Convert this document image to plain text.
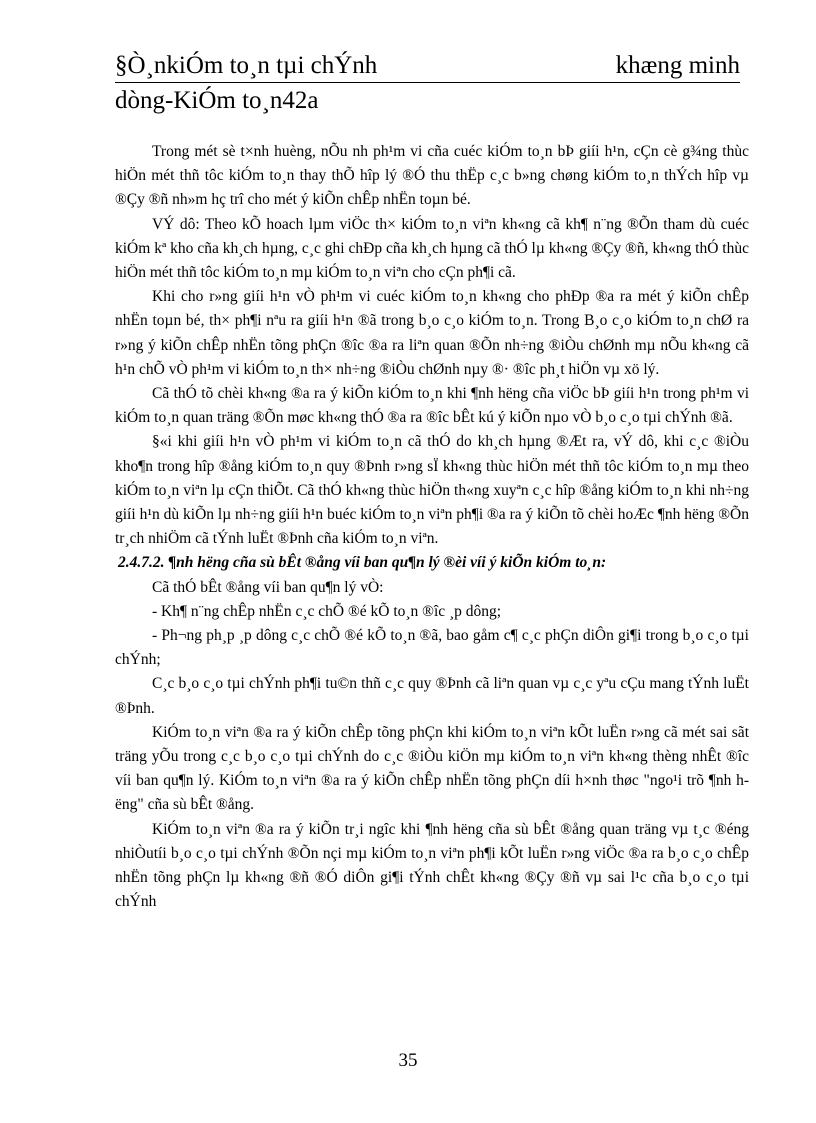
§Ò¸nkiÓm to¸n tµi chÝnh	khæng minh
dòng-KiÓm to¸n42a

Trong mét sè t×nh huèng, nÕu nh ph¹m vi cña cuéc kiÓm to¸n bÞ giíi h¹n, cÇn cè g¾ng thùc hiÖn mét thñ tôc kiÓm to¸n thay thÕ hîp lý ®Ó thu thËp c¸c b»ng chøng kiÓm to¸n thÝch hîp vµ ®Çy ®ñ nh»m hç trî cho mét ý kiÕn chÊp nhËn toµn bé.

VÝ dô: Theo kÕ hoach lµm viÖc th× kiÓm to¸n viªn kh«ng cã kh¶ n¨ng ®Õn tham dù cuéc kiÓm kª kho cña kh¸ch hµng, c¸c ghi chÐp cña kh¸ch hµng cã thÓ lµ kh«ng ®Çy ®ñ, kh«ng thÓ thùc hiÖn mét thñ tôc kiÓm to¸n mµ kiÓm to¸n viªn cho cÇn ph¶i cã.

Khi cho r»ng giíi h¹n vÒ ph¹m vi cuéc kiÓm to¸n kh«ng cho phÐp ®a ra mét ý kiÕn chÊp nhËn toµn bé, th× ph¶i nªu ra giíi h¹n ®ã trong b¸o c¸o kiÓm to¸n. Trong B¸o c¸o kiÓm to¸n chØ ra r»ng ý kiÕn chÊp nhËn tõng phÇn ®îc ®a ra liªn quan ®Õn nh÷ng ®iÒu chØnh mµ nÕu kh«ng cã h¹n chÕ vÒ ph¹m vi kiÓm to¸n th× nh÷ng ®iÒu chØnh nµy ®· ®îc ph¸t hiÖn vµ xö lý.

Cã thÓ tõ chèi kh«ng ®a ra ý kiÕn kiÓm to¸n khi ¶nh hëng cña viÖc bÞ giíi h¹n trong ph¹m vi kiÓm to¸n quan träng ®Õn møc kh«ng thÓ ®a ra ®îc bÊt kú ý kiÕn nµo vÒ b¸o c¸o tµi chÝnh ®ã.

§«i khi giíi h¹n vÒ ph¹m vi kiÓm to¸n cã thÓ do kh¸ch hµng ®Æt ra, vÝ dô, khi c¸c ®iÒu kho¶n trong hîp ®ång kiÓm to¸n quy ®Þnh r»ng sÏ kh«ng thùc hiÖn mét thñ tôc kiÓm to¸n mµ theo kiÓm to¸n viªn lµ cÇn thiÕt. Cã thÓ kh«ng thùc hiÖn th«ng xuyªn c¸c hîp ®ång kiÓm to¸n khi nh÷ng giíi h¹n dù kiÕn lµ nh÷ng giíi h¹n buéc kiÓm to¸n viªn ph¶i ®a ra ý kiÕn tõ chèi hoÆc ¶nh hëng ®Õn tr¸ch nhiÖm cã tÝnh luËt ®Þnh cña kiÓm to¸n viªn.

2.4.7.2. ¶nh hëng cña sù bÊt ®ång víi ban qu¶n lý ®èi víi ý kiÕn kiÓm to¸n:

Cã thÓ bÊt ®ång víi ban qu¶n lý vÒ:

- Kh¶ n¨ng chÊp nhËn c¸c chÕ ®é kÕ to¸n ®îc ¸p dông;

- Ph¬ng ph¸p ¸p dông c¸c chÕ ®é kÕ to¸n ®ã, bao gåm c¶ c¸c phÇn diÔn gi¶i trong b¸o c¸o tµi chÝnh;

C¸c b¸o c¸o tµi chÝnh ph¶i tu©n thñ c¸c quy ®Þnh cã liªn quan vµ c¸c yªu cÇu mang tÝnh luËt ®Þnh.

KiÓm to¸n viªn ®a ra ý kiÕn chÊp tõng phÇn khi kiÓm to¸n viªn kÕt luËn r»ng cã mét sai sãt träng yÕu trong c¸c b¸o c¸o tµi chÝnh do c¸c ®iÒu kiÖn mµ kiÓm to¸n viªn kh«ng thèng nhÊt ®îc víi ban qu¶n lý. KiÓm to¸n viªn ®a ra ý kiÕn chÊp nhËn tõng phÇn díi h×nh thøc "ngo¹i trõ ¶nh hëng" cña sù bÊt ®ång.

KiÓm to¸n viªn ®a ra ý kiÕn tr¸i ngîc khi ¶nh hëng cña sù bÊt ®ång quan träng vµ t¸c ®éng nhiÒutíi b¸o c¸o tµi chÝnh ®Õn nçi mµ kiÓm to¸n viªn ph¶i kÕt luËn r»ng viÖc ®a ra b¸o c¸o chÊp nhËn tõng phÇn lµ kh«ng ®ñ ®Ó diÔn gi¶i tÝnh chÊt kh«ng ®Çy ®ñ vµ sai l¹c cña b¸o c¸o tµi chÝnh

35
